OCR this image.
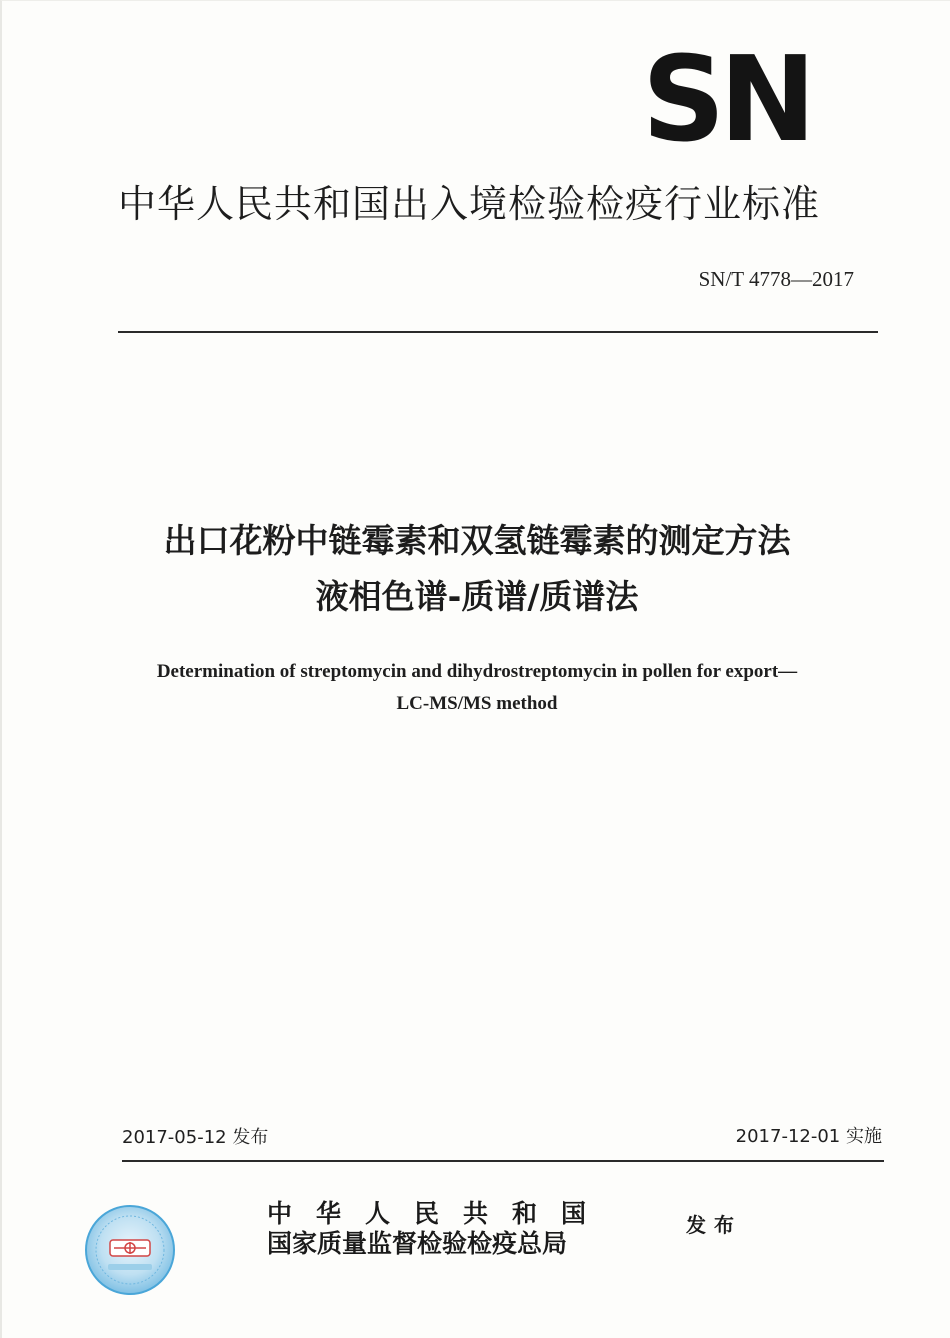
SN
中华人民共和国出入境检验检疫行业标准
SN/T 4778—2017
出口花粉中链霉素和双氢链霉素的测定方法
液相色谱-质谱/质谱法
Determination of streptomycin and dihydrostreptomycin in pollen for export—
LC-MS/MS method
2017-05-12 发布	2017-12-01 实施
中华人民共和国
国家质量监督检验检疫总局
发布
